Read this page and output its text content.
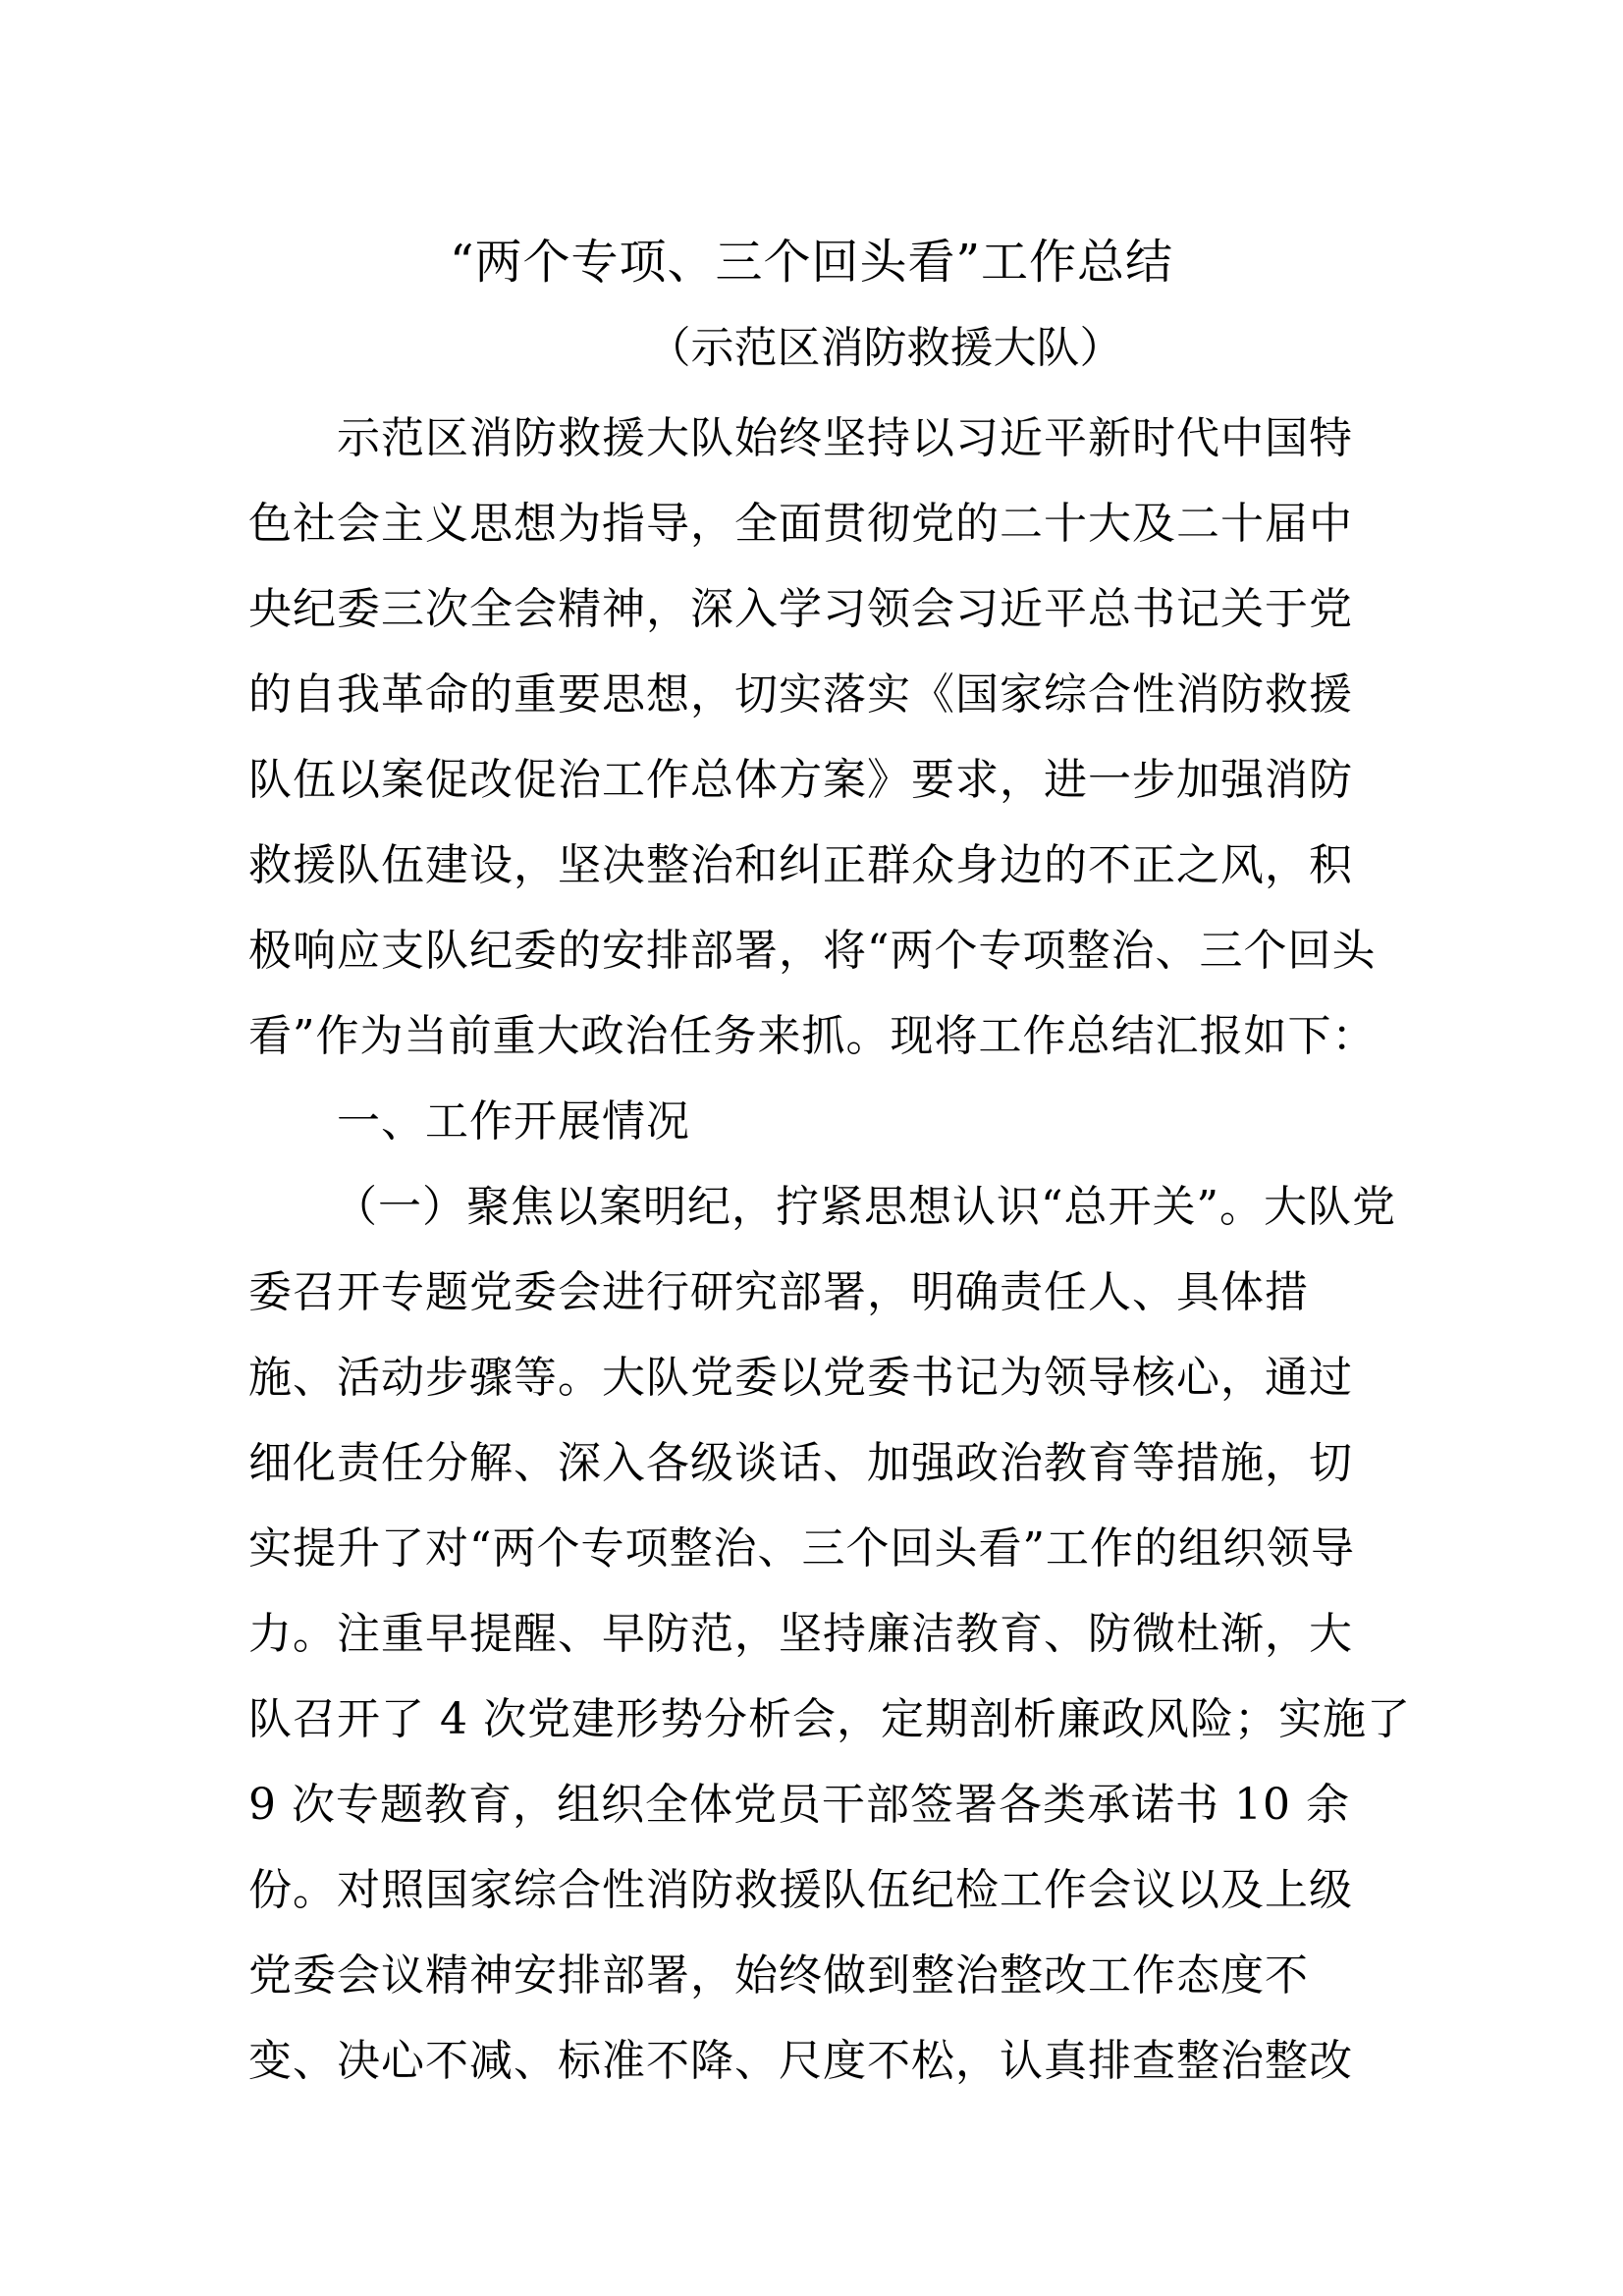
“两个专项、三个回头看”工作总结
（示范区消防救援大队）
示范区消防救援大队始终坚持以习近平新时代中国特
色社会主义思想为指导，全面贯彻党的二十大及二十届中
央纪委三次全会精神，深入学习领会习近平总书记关于党
的自我革命的重要思想，切实落实《国家综合性消防救援
队伍以案促改促治工作总体方案》要求，进一步加强消防
救援队伍建设，坚决整治和纠正群众身边的不正之风，积
极响应支队纪委的安排部署，将“两个专项整治、三个回头
看”作为当前重大政治任务来抓。现将工作总结汇报如下：
一、工作开展情况
（一）聚焦以案明纪，拧紧思想认识“总开关”。大队党
委召开专题党委会进行研究部署，明确责任人、具体措
施、活动步骤等。大队党委以党委书记为领导核心，通过
细化责任分解、深入各级谈话、加强政治教育等措施，切
实提升了对“两个专项整治、三个回头看”工作的组织领导
力。注重早提醒、早防范，坚持廉洁教育、防微杜渐，大
队召开了 4 次党建形势分析会，定期剖析廉政风险；实施了
9 次专题教育，组织全体党员干部签署各类承诺书 10 余
份。对照国家综合性消防救援队伍纪检工作会议以及上级
党委会议精神安排部署，始终做到整治整改工作态度不
变、决心不减、标准不降、尺度不松，认真排查整治整改
